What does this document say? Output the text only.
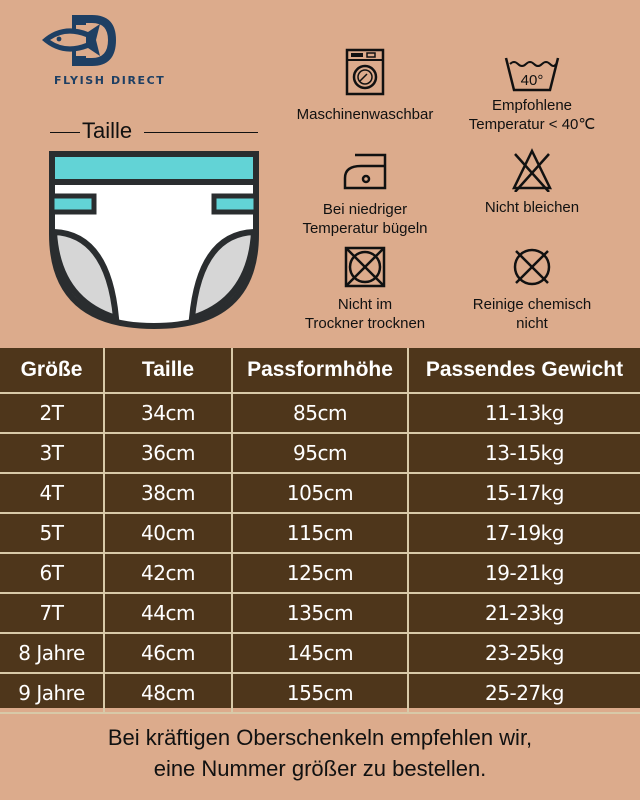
FLYISH DIRECT
Taille
Maschinenwaschbar
40°
Empfohlene
Temperatur < 40℃
Bei niedriger
Temperatur bügeln
Nicht bleichen
Nicht im
Trockner trocknen
Reinige chemisch
nicht
Größe	Taille	Passformhöhe	Passendes Gewicht
2T	34cm	85cm	11-13kg
3T	36cm	95cm	13-15kg
4T	38cm	105cm	15-17kg
5T	40cm	115cm	17-19kg
6T	42cm	125cm	19-21kg
7T	44cm	135cm	21-23kg
8 Jahre	46cm	145cm	23-25kg
9 Jahre	48cm	155cm	25-27kg
Bei kräftigen Oberschenkeln empfehlen wir,
eine Nummer größer zu bestellen.
